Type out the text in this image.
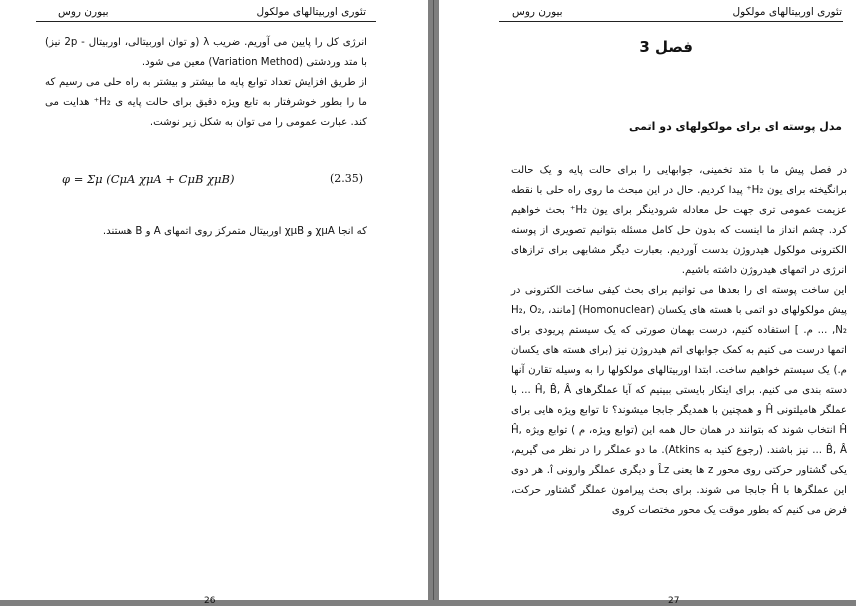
تئوری اوربیتالهای مولکول
بیورن روس

انرژی کل را پایین می آوریم. ضریب λ (و توان اوربیتالی، اوربیتال - 2p نیز) با متد وردشتی (Variation Method) معین می شود.

از طریق افزایش تعداد توابع پایه ما بیشتر و بیشتر به راه حلی می رسیم که ما را بطور خوشرفتار به تابع ویژه دقیق برای حالت پایه ی H₂⁺ هدایت می کند. عبارت عمومی را می توان به شکل زیر نوشت.

φ = Σμ (CμA χμA + CμB χμB)	(2.35)

که انجا χμA و χμB اوربیتال متمرکز روی اتمهای A و B هستند.

26
تئوری اوربیتالهای مولکول
بیورن روس
فصل 3
مدل پوسته ای برای مولکولهای دو اتمی

در فصل پیش ما با متد تخمینی، جوابهایی را برای حالت پایه و یک حالت برانگیخته برای یون H₂⁺ پیدا کردیم. حال در این مبحث ما روی راه حلی با نقطه عزیمت عمومی تری جهت حل معادله شرودینگر برای یون H₂⁺ بحث خواهیم کرد. چشم انداز ما اینست که بدون حل کامل مسئله بتوانیم تصویری از پوسته الکترونی مولکول هیدروژن بدست آوردیم. بعبارت دیگر مشابهی برای ترازهای انرژی در اتمهای هیدروژن داشته باشیم.

این ساخت پوسته ای را بعدها می توانیم برای بحث کیفی ساخت الکترونی در پیش مولکولهای دو اتمی با هسته های یکسان (Homonuclear) [مانند، H₂, O₂, N₂, ... م. ] استفاده کنیم، درست بهمان صورتی که یک سیستم پریودی برای اتمها درست می کنیم به کمک جوابهای اتم هیدروژن نیز (برای هسته های یکسان م.) یک سیستم خواهیم ساخت. ابتدا اوربیتالهای مولکولها را به وسیله تقارن آنها دسته بندی می کنیم. برای اینکار بایستی ببینیم که آیا عملگرهای Ĥ, B̂, Â ... با عملگر هامیلتونی Ĥ و همچنین با همدیگر جابجا میشوند؟ تا توابع ویژه هایی برای Ĥ انتخاب شوند که بتوانند در همان حال همه این (توابع ویژه، م ) توابع ویژه Ĥ, B̂, Â ... نیز باشند. (رجوع کنید به Atkins). ما دو عملگر را در نظر می گیریم، یکی گشتاور حرکتی روی محور z ها یعنی L̂z و دیگری عملگر وارونی î. هر دوی این عملگرها با Ĥ جابجا می شوند. برای بحث پیرامون عملگر گشتاور حرکت، فرض می کنیم که بطور موقت یک محور مختصات کروی

27
